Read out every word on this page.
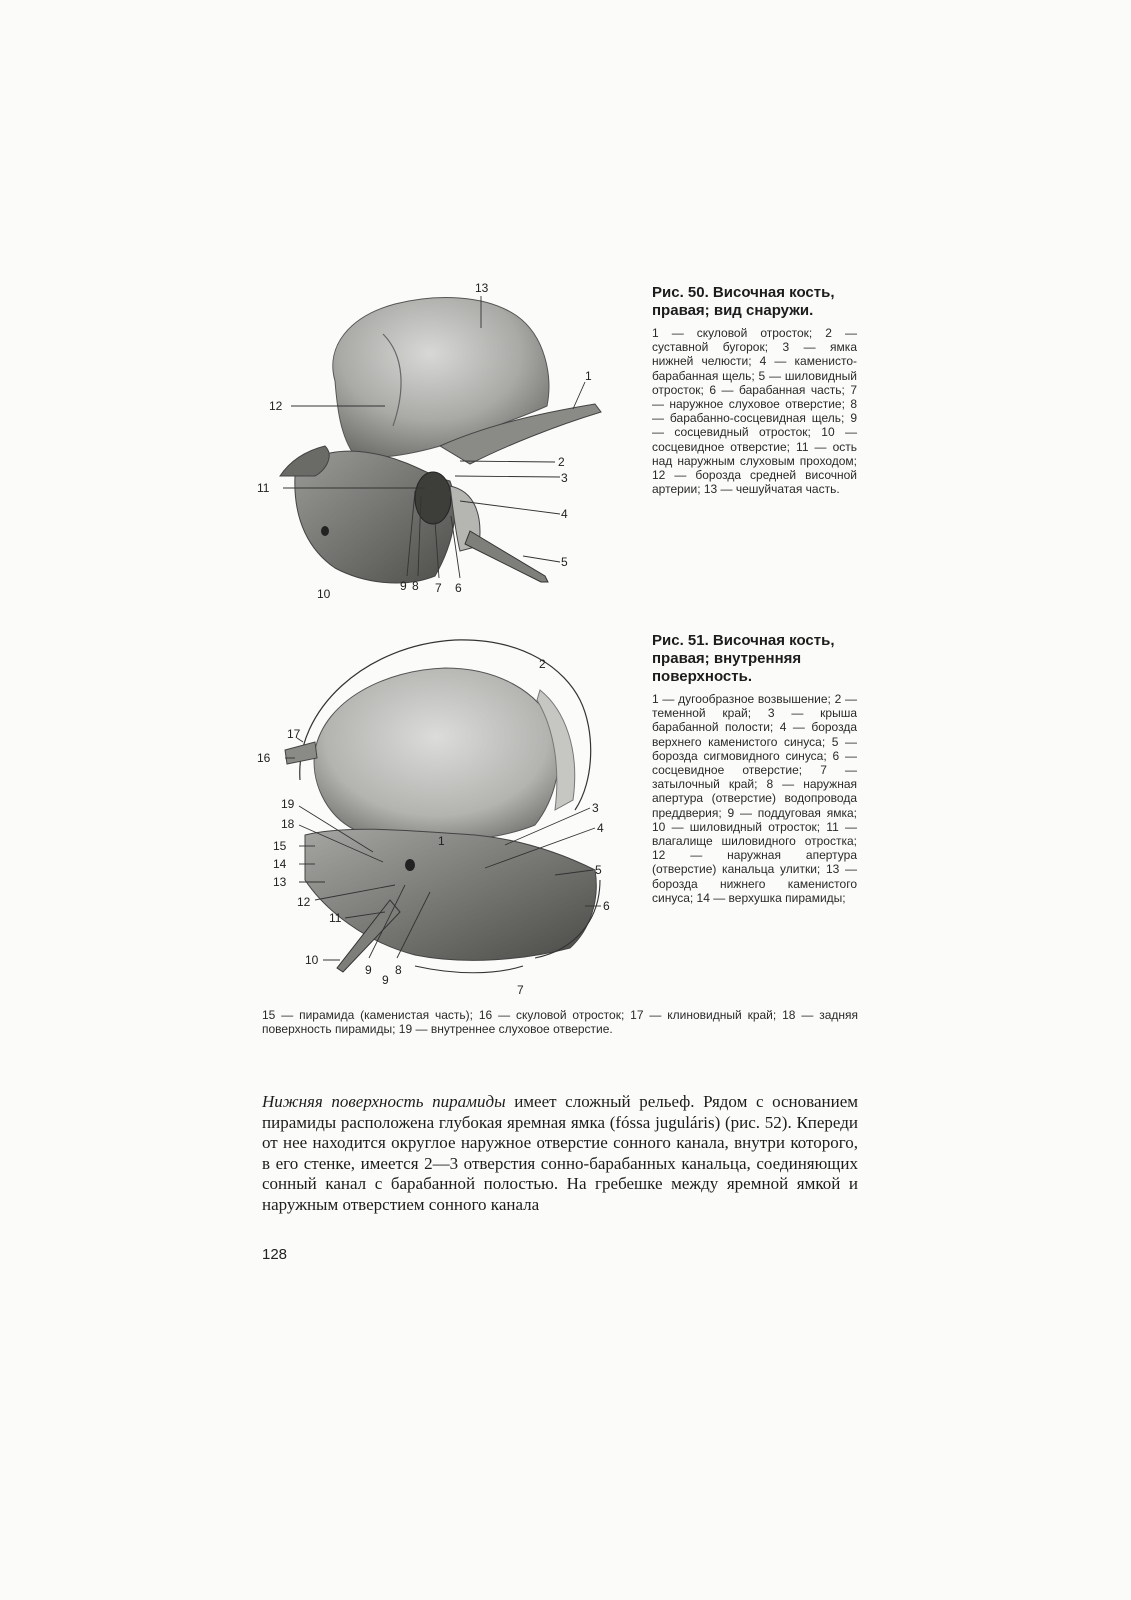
13
1
12
2
3
11
4
5
10
9 8 7 6
Рис. 50. Височная кость, правая; вид снаружи.
1 — скуловой отросток; 2 — суставной бугорок; 3 — ямка нижней челюсти; 4 — каменисто-барабанная щель; 5 — шиловидный отросток; 6 — барабанная часть; 7 — наружное слуховое отверстие; 8 — барабанно-сосцевидная щель; 9 — сосцевидный отросток; 10 — сосцевидное отверстие; 11 — ость над наружным слуховым проходом; 12 — борозда средней височной артерии; 13 — чешуйчатая часть.
2
17
16
19
18
3
4
15	1
14
13
5
12	6
11
10
9
9
8
7
Рис. 51. Височная кость, правая; внутренняя поверхность.
1 — дугообразное возвышение; 2 — теменной край; 3 — крыша барабанной полости; 4 — борозда верхнего каменистого синуса; 5 — борозда сигмовидного синуса; 6 — сосцевидное отверстие; 7 — затылочный край; 8 — наружная апертура (отверстие) водопровода преддверия; 9 — поддуговая ямка; 10 — шиловидный отросток; 11 — влагалище шиловидного отростка; 12 — наружная апертура (отверстие) канальца улитки; 13 — борозда нижнего каменистого синуса; 14 — верхушка пирамиды;
15 — пирамида (каменистая часть); 16 — скуловой отросток; 17 — клиновидный край; 18 — задняя поверхность пирамиды; 19 — внутреннее слуховое отверстие.
Нижняя поверхность пирамиды имеет сложный рельеф. Рядом с основанием пирамиды расположена глубокая яремная ямка (fóssa juguláris) (рис. 52). Кпереди от нее находится округлое наружное отверстие сонного канала, внутри которого, в его стенке, имеется 2—3 отверстия сонно-барабанных канальца, соединяющих сонный канал с барабанной полостью. На гребешке между яремной ямкой и наружным отверстием сонного канала
128
